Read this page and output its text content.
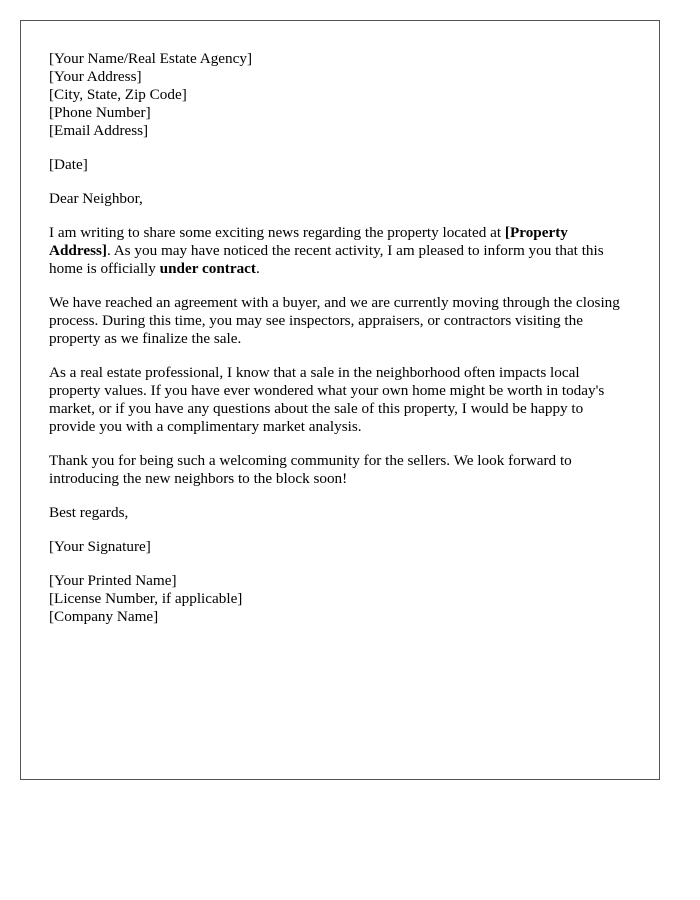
[Your Name/Real Estate Agency]
[Your Address]
[City, State, Zip Code]
[Phone Number]
[Email Address]

[Date]

Dear Neighbor,

I am writing to share some exciting news regarding the property located at [Property Address]. As you may have noticed the recent activity, I am pleased to inform you that this home is officially under contract.

We have reached an agreement with a buyer, and we are currently moving through the closing process. During this time, you may see inspectors, appraisers, or contractors visiting the property as we finalize the sale.

As a real estate professional, I know that a sale in the neighborhood often impacts local property values. If you have ever wondered what your own home might be worth in today's market, or if you have any questions about the sale of this property, I would be happy to provide you with a complimentary market analysis.

Thank you for being such a welcoming community for the sellers. We look forward to introducing the new neighbors to the block soon!

Best regards,

[Your Signature]

[Your Printed Name]
[License Number, if applicable]
[Company Name]
